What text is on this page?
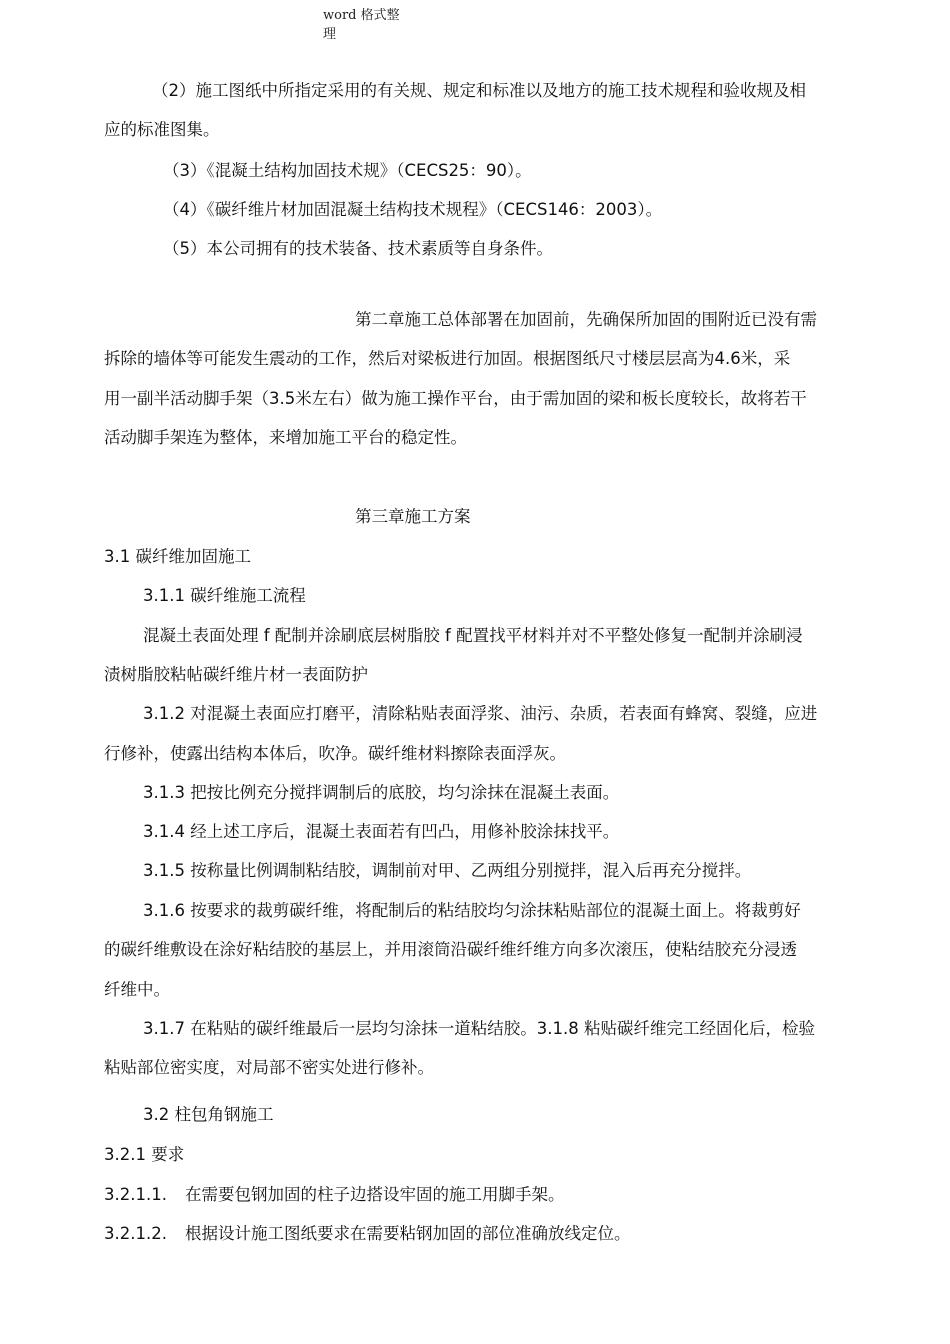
word 格式整
理
（2）施工图纸中所指定采用的有关规、规定和标准以及地方的施工技术规程和验收规及相
应的标准图集。
（3）《混凝土结构加固技术规》（CECS25：90）。
（4）《碳纤维片材加固混凝土结构技术规程》（CECS146：2003）。
（5）本公司拥有的技术装备、技术素质等自身条件。
第二章施工总体部署在加固前，先确保所加固的围附近已没有需
拆除的墙体等可能发生震动的工作，然后对梁板进行加固。根据图纸尺寸楼层层高为4.6米，采
用一副半活动脚手架（3.5米左右）做为施工操作平台，由于需加固的梁和板长度较长，故将若干
活动脚手架连为整体，来增加施工平台的稳定性。
第三章施工方案
3.1 碳纤维加固施工
3.1.1 碳纤维施工流程
混凝土表面处理 f 配制并涂刷底层树脂胶 f 配置找平材料并对不平整处修复一配制并涂刷浸
渍树脂胶粘帖碳纤维片材一表面防护
3.1.2 对混凝土表面应打磨平，清除粘贴表面浮浆、油污、杂质，若表面有蜂窝、裂缝，应进
行修补，使露出结构本体后，吹净。碳纤维材料擦除表面浮灰。
3.1.3 把按比例充分搅拌调制后的底胶，均匀涂抹在混凝土表面。
3.1.4 经上述工序后，混凝土表面若有凹凸，用修补胶涂抹找平。
3.1.5 按称量比例调制粘结胶，调制前对甲、乙两组分别搅拌，混入后再充分搅拌。
3.1.6 按要求的裁剪碳纤维，将配制后的粘结胶均匀涂抹粘贴部位的混凝土面上。将裁剪好
的碳纤维敷设在涂好粘结胶的基层上，并用滚筒沿碳纤维纤维方向多次滚压，使粘结胶充分浸透
纤维中。
3.1.7 在粘贴的碳纤维最后一层均匀涂抹一道粘结胶。3.1.8 粘贴碳纤维完工经固化后，检验
粘贴部位密实度，对局部不密实处进行修补。
3.2 柱包角钢施工
3.2.1 要求
3.2.1.1. 在需要包钢加固的柱子边搭设牢固的施工用脚手架。
3.2.1.2. 根据设计施工图纸要求在需要粘钢加固的部位准确放线定位。
